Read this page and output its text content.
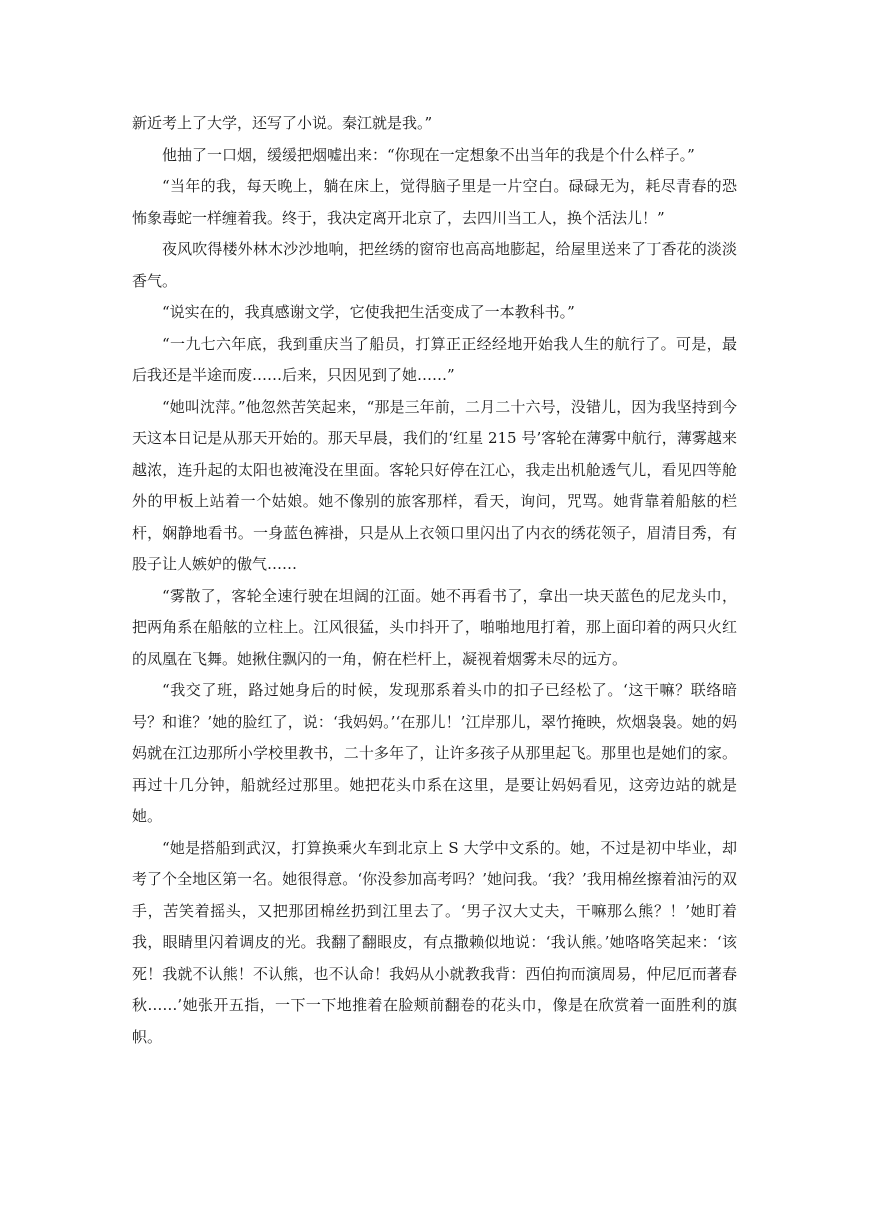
新近考上了大学，还写了小说。秦江就是我。”

他抽了一口烟，缓缓把烟嘘出来：“你现在一定想象不出当年的我是个什么样子。”

“当年的我，每天晚上，躺在床上，觉得脑子里是一片空白。碌碌无为，耗尽青春的恐怖象毒蛇一样缠着我。终于，我决定离开北京了，去四川当工人，换个活法儿！”

夜风吹得楼外林木沙沙地响，把丝绣的窗帘也高高地膨起，给屋里送来了丁香花的淡淡香气。

“说实在的，我真感谢文学，它使我把生活变成了一本教科书。”

“一九七六年底，我到重庆当了船员，打算正正经经地开始我人生的航行了。可是，最后我还是半途而废……后来，只因见到了她……”

“她叫沈萍。”他忽然苦笑起来，“那是三年前，二月二十六号，没错儿，因为我坚持到今天这本日记是从那天开始的。那天早晨，我们的‘红星 215 号’客轮在薄雾中航行，薄雾越来越浓，连升起的太阳也被淹没在里面。客轮只好停在江心，我走出机舱透气儿，看见四等舱外的甲板上站着一个姑娘。她不像别的旅客那样，看天，询问，咒骂。她背靠着船舷的栏杆，娴静地看书。一身蓝色裤褂，只是从上衣领口里闪出了内衣的绣花领子，眉清目秀，有股子让人嫉妒的傲气……

“雾散了，客轮全速行驶在坦阔的江面。她不再看书了，拿出一块天蓝色的尼龙头巾，把两角系在船舷的立柱上。江风很猛，头巾抖开了，啪啪地甩打着，那上面印着的两只火红的凤凰在飞舞。她揪住飘闪的一角，俯在栏杆上，凝视着烟雾未尽的远方。

“我交了班，路过她身后的时候，发现那系着头巾的扣子已经松了。‘这干嘛？联络暗号？和谁？’她的脸红了，说：‘我妈妈。’‘在那儿！’江岸那儿，翠竹掩映，炊烟袅袅。她的妈妈就在江边那所小学校里教书，二十多年了，让许多孩子从那里起飞。那里也是她们的家。再过十几分钟，船就经过那里。她把花头巾系在这里，是要让妈妈看见，这旁边站的就是她。

“她是搭船到武汉，打算换乘火车到北京上 S 大学中文系的。她，不过是初中毕业，却考了个全地区第一名。她很得意。‘你没参加高考吗？’她问我。‘我？’我用棉丝擦着油污的双手，苦笑着摇头，又把那团棉丝扔到江里去了。‘男子汉大丈夫，干嘛那么熊？！’她盯着我，眼睛里闪着调皮的光。我翻了翻眼皮，有点撒赖似地说：‘我认熊。’她咯咯笑起来：‘该死！我就不认熊！不认熊，也不认命！我妈从小就教我背：西伯拘而演周易，仲尼厄而著春秋……’她张开五指，一下一下地推着在脸颊前翻卷的花头巾，像是在欣赏着一面胜利的旗帜。
